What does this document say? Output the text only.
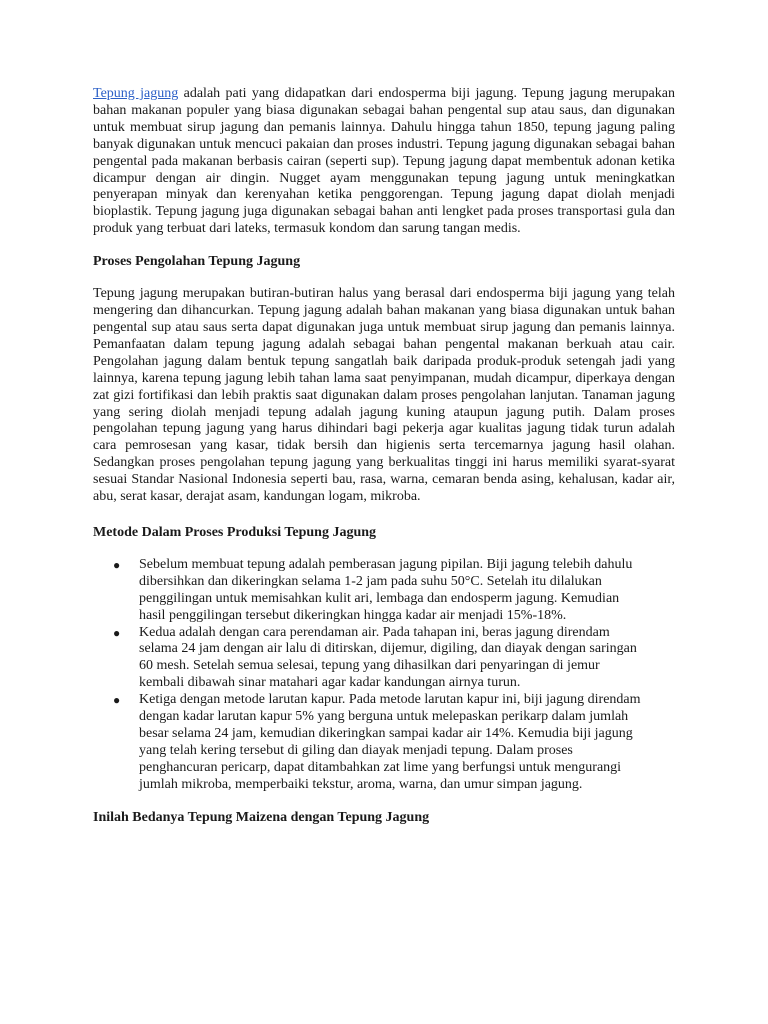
Tepung jagung adalah pati yang didapatkan dari endosperma biji jagung. Tepung jagung merupakan bahan makanan populer yang biasa digunakan sebagai bahan pengental sup atau saus, dan digunakan untuk membuat sirup jagung dan pemanis lainnya. Dahulu hingga tahun 1850, tepung jagung paling banyak digunakan untuk mencuci pakaian dan proses industri. Tepung jagung digunakan sebagai bahan pengental pada makanan berbasis cairan (seperti sup). Tepung jagung dapat membentuk adonan ketika dicampur dengan air dingin. Nugget ayam menggunakan tepung jagung untuk meningkatkan penyerapan minyak dan kerenyahan ketika penggorengan. Tepung jagung dapat diolah menjadi bioplastik. Tepung jagung juga digunakan sebagai bahan anti lengket pada proses transportasi gula dan produk yang terbuat dari lateks, termasuk kondom dan sarung tangan medis.

Proses Pengolahan Tepung Jagung

Tepung jagung merupakan butiran-butiran halus yang berasal dari endosperma biji jagung yang telah mengering dan dihancurkan. Tepung jagung adalah bahan makanan yang biasa digunakan untuk bahan pengental sup atau saus serta dapat digunakan juga untuk membuat sirup jagung dan pemanis lainnya. Pemanfaatan dalam tepung jagung adalah sebagai bahan pengental makanan berkuah atau cair. Pengolahan jagung dalam bentuk tepung sangatlah baik daripada produk-produk setengah jadi yang lainnya, karena tepung jagung lebih tahan lama saat penyimpanan, mudah dicampur, diperkaya dengan zat gizi fortifikasi dan lebih praktis saat digunakan dalam proses pengolahan lanjutan. Tanaman jagung yang sering diolah menjadi tepung adalah jagung kuning ataupun jagung putih. Dalam proses pengolahan tepung jagung yang harus dihindari bagi pekerja agar kualitas jagung tidak turun adalah cara pemrosesan yang kasar, tidak bersih dan higienis serta tercemarnya jagung hasil olahan. Sedangkan proses pengolahan tepung jagung yang berkualitas tinggi ini harus memiliki syarat-syarat sesuai Standar Nasional Indonesia seperti bau, rasa, warna, cemaran benda asing, kehalusan, kadar air, abu, serat kasar, derajat asam, kandungan logam, mikroba.

Metode Dalam Proses Produksi Tepung Jagung
● Sebelum membuat tepung adalah pemberasan jagung pipilan. Biji jagung telebih dahulu dibersihkan dan dikeringkan selama 1-2 jam pada suhu 50°C. Setelah itu dilalukan penggilingan untuk memisahkan kulit ari, lembaga dan endosperm jagung. Kemudian hasil penggilingan tersebut dikeringkan hingga kadar air menjadi 15%-18%.
● Kedua adalah dengan cara perendaman air. Pada tahapan ini, beras jagung direndam selama 24 jam dengan air lalu di ditirskan, dijemur, digiling, dan diayak dengan saringan 60 mesh. Setelah semua selesai, tepung yang dihasilkan dari penyaringan di jemur kembali dibawah sinar matahari agar kadar kandungan airnya turun.
● Ketiga dengan metode larutan kapur. Pada metode larutan kapur ini, biji jagung direndam dengan kadar larutan kapur 5% yang berguna untuk melepaskan perikarp dalam jumlah besar selama 24 jam, kemudian dikeringkan sampai kadar air 14%. Kemudia biji jagung yang telah kering tersebut di giling dan diayak menjadi tepung. Dalam proses penghancuran pericarp, dapat ditambahkan zat lime yang berfungsi untuk mengurangi jumlah mikroba, memperbaiki tekstur, aroma, warna, dan umur simpan jagung.
Inilah Bedanya Tepung Maizena dengan Tepung Jagung
